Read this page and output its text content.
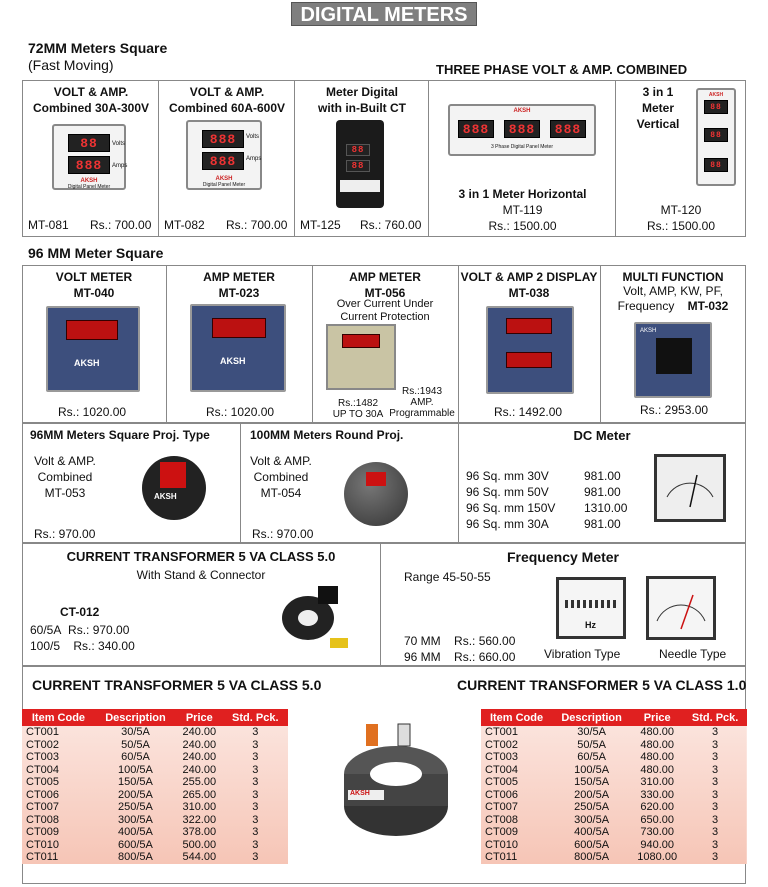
DIGITAL METERS
72MM Meters Square
(Fast Moving)	THREE PHASE VOLT & AMP. COMBINED
VOLT & AMP.
Combined 30A-300V
88
888
Volts
Amps
AKSH
Digital Panel Meter
MT-081 Rs.: 700.00
VOLT & AMP.
Combined 60A-600V
888
888
Volts
Amps
AKSH
Digital Panel Meter
MT-082 Rs.: 700.00
Meter Digital
with in-Built CT
88
88
MT-125 Rs.: 760.00
AKSH
888	888	888
3 Phase Digital Panel Meter
3 in 1 Meter Horizontal
MT-119
Rs.: 1500.00
3 in 1
Meter
Vertical
AKSH
88
88
88
MT-120
Rs.: 1500.00
96 MM Meter Square
VOLT METER
MT-040
AKSH
Rs.: 1020.00
AMP METER
MT-023
AKSH
Rs.: 1020.00
AMP METER
MT-056
Over Current Under
Current Protection
Rs.:1482
UP TO 30A
Rs.:1943
AMP.
Programmable
VOLT & AMP 2 DISPLAY
MT-038
Rs.: 1492.00
MULTI FUNCTION
Volt, AMP, KW, PF,
Frequency MT-032
AKSH
Rs.: 2953.00
96MM Meters Square Proj. Type
Volt & AMP.
Combined
MT-053	AKSH
Rs.: 970.00
100MM Meters Round Proj.
Volt & AMP.
Combined
MT-054
Rs.: 970.00
DC Meter
96 Sq. mm 30V	981.00
96 Sq. mm 50V	981.00
96 Sq. mm 150V	1310.00
96 Sq. mm 30A	981.00
CURRENT TRANSFORMER 5 VA CLASS 5.0
With Stand & Connector
CT-012
60/5A Rs.: 970.00
100/5 Rs.: 340.00
Frequency Meter
Range 45-50-55
70 MM Rs.: 560.00
96 MM Rs.: 660.00
Hz
Vibration Type	Needle Type
CURRENT TRANSFORMER 5 VA CLASS 5.0	CURRENT TRANSFORMER 5 VA CLASS 1.0
Item Code	Description	Price	Std. Pck.
CT001	30/5A	240.00	3
CT002	50/5A	240.00	3
CT003	60/5A	240.00	3
CT004	100/5A	240.00	3
CT005	150/5A	255.00	3
CT006	200/5A	265.00	3
CT007	250/5A	310.00	3
CT008	300/5A	322.00	3
CT009	400/5A	378.00	3
CT010	600/5A	500.00	3
CT011	800/5A	544.00	3
Item Code	Description	Price	Std. Pck.
CT001	30/5A	480.00	3
CT002	50/5A	480.00	3
CT003	60/5A	480.00	3
CT004	100/5A	480.00	3
CT005	150/5A	310.00	3
CT006	200/5A	330.00	3
CT007	250/5A	620.00	3
CT008	300/5A	650.00	3
CT009	400/5A	730.00	3
CT010	600/5A	940.00	3
CT011	800/5A	1080.00	3
AKSH
